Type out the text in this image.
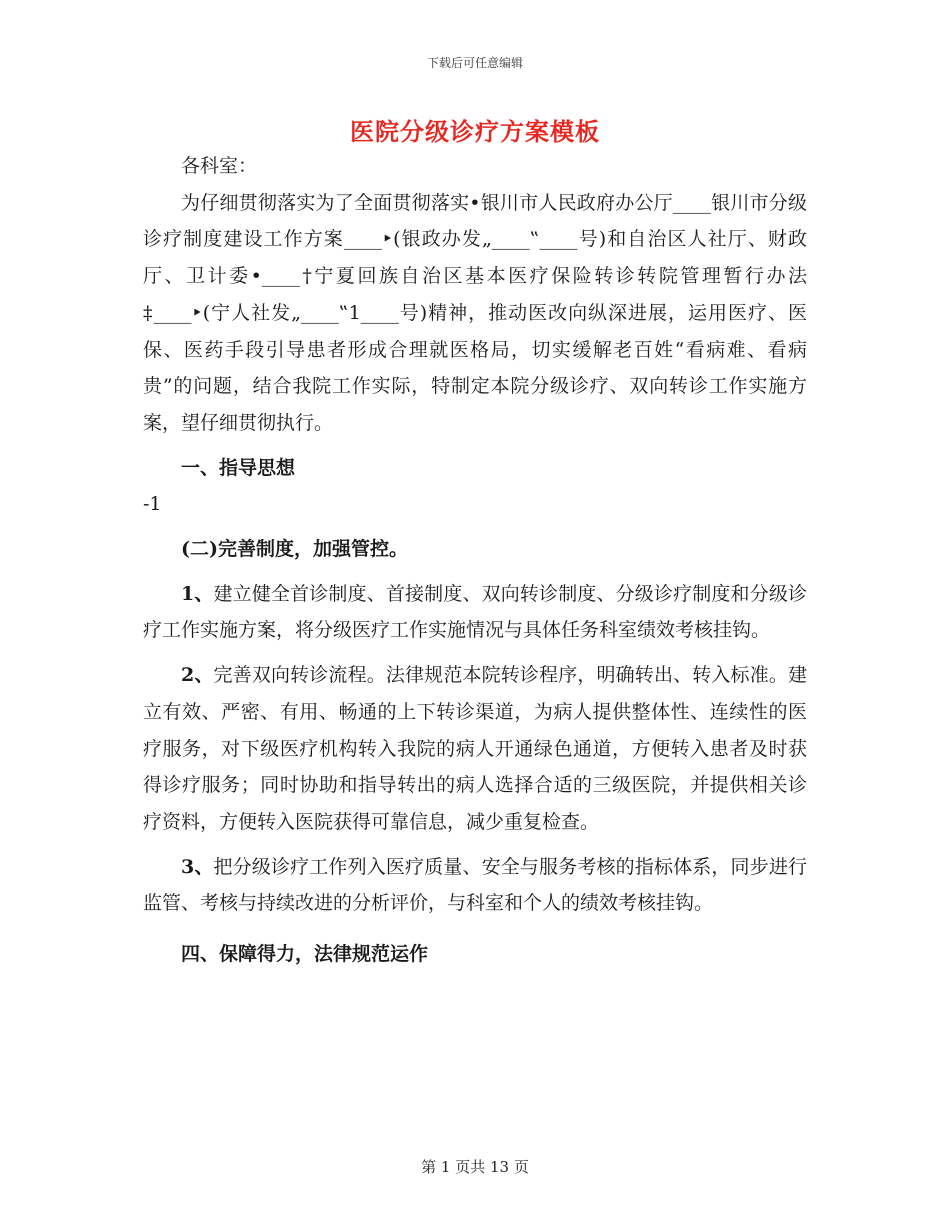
下载后可任意编辑
医院分级诊疗方案模板

各科室：

为仔细贯彻落实为了全面贯彻落实•银川市人民政府办公厅____银川市分级诊疗制度建设工作方案____‣(银政办发„____‟____号)和自治区人社厅、财政厅、卫计委•____†宁夏回族自治区基本医疗保险转诊转院管理暂行办法‡____‣(宁人社发„____‟1____号)精神，推动医改向纵深进展，运用医疗、医保、医药手段引导患者形成合理就医格局，切实缓解老百姓“看病难、看病贵”的问题，结合我院工作实际，特制定本院分级诊疗、双向转诊工作实施方案，望仔细贯彻执行。

一、指导思想

-1

(二)完善制度，加强管控。

1、建立健全首诊制度、首接制度、双向转诊制度、分级诊疗制度和分级诊疗工作实施方案，将分级医疗工作实施情况与具体任务科室绩效考核挂钩。

2、完善双向转诊流程。法律规范本院转诊程序，明确转出、转入标准。建立有效、严密、有用、畅通的上下转诊渠道，为病人提供整体性、连续性的医疗服务，对下级医疗机构转入我院的病人开通绿色通道，方便转入患者及时获得诊疗服务；同时协助和指导转出的病人选择合适的三级医院，并提供相关诊疗资料，方便转入医院获得可靠信息，减少重复检查。

3、把分级诊疗工作列入医疗质量、安全与服务考核的指标体系，同步进行监管、考核与持续改进的分析评价，与科室和个人的绩效考核挂钩。

四、保障得力，法律规范运作

第 1 页共 13 页
